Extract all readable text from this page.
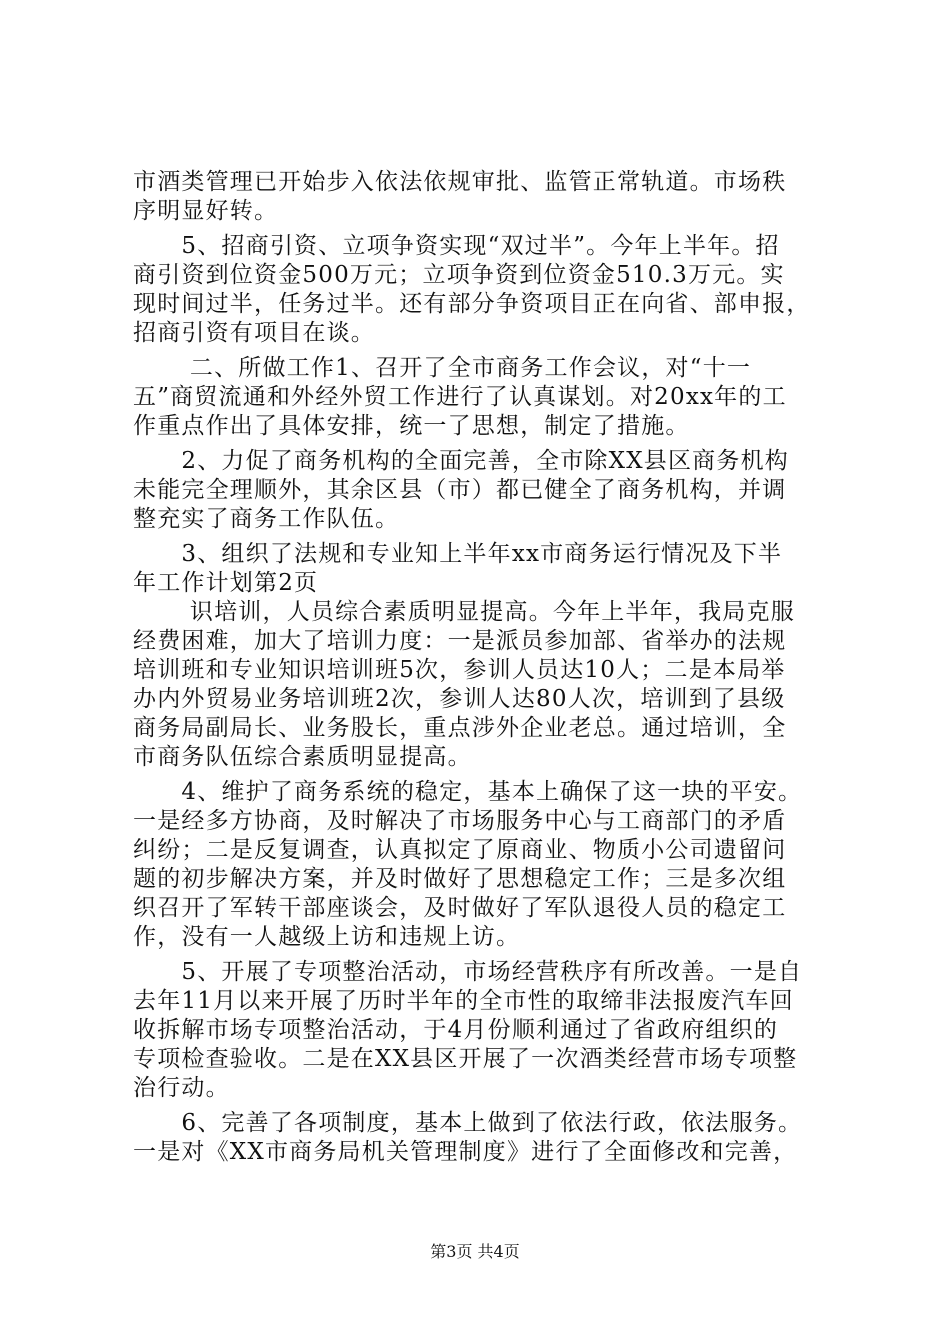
市酒类管理已开始步入依法依规审批、监管正常轨道。市场秩
序明显好转。
　　5、招商引资、立项争资实现“双过半”。今年上半年。招
商引资到位资金500万元；立项争资到位资金510.3万元。实
现时间过半，任务过半。还有部分争资项目正在向省、部申报，
招商引资有项目在谈。
　　 二、所做工作1、召开了全市商务工作会议，对“十一
五”商贸流通和外经外贸工作进行了认真谋划。对20xx年的工
作重点作出了具体安排，统一了思想，制定了措施。
　　2、力促了商务机构的全面完善，全市除XX县区商务机构
未能完全理顺外，其余区县（市）都已健全了商务机构，并调
整充实了商务工作队伍。
　　3、组织了法规和专业知上半年xx市商务运行情况及下半
年工作计划第2页
　　 识培训，人员综合素质明显提高。今年上半年，我局克服
经费困难，加大了培训力度：一是派员参加部、省举办的法规
培训班和专业知识培训班5次，参训人员达10人；二是本局举
办内外贸易业务培训班2次，参训人达80人次，培训到了县级
商务局副局长、业务股长，重点涉外企业老总。通过培训，全
市商务队伍综合素质明显提高。
　　4、维护了商务系统的稳定，基本上确保了这一块的平安。
一是经多方协商，及时解决了市场服务中心与工商部门的矛盾
纠纷；二是反复调查，认真拟定了原商业、物质小公司遗留问
题的初步解决方案，并及时做好了思想稳定工作；三是多次组
织召开了军转干部座谈会，及时做好了军队退役人员的稳定工
作，没有一人越级上访和违规上访。
　　5、开展了专项整治活动，市场经营秩序有所改善。一是自
去年11月以来开展了历时半年的全市性的取缔非法报废汽车回
收拆解市场专项整治活动，于4月份顺利通过了省政府组织的
专项检查验收。二是在XX县区开展了一次酒类经营市场专项整
治行动。
　　6、完善了各项制度，基本上做到了依法行政，依法服务。
一是对《XX市商务局机关管理制度》进行了全面修改和完善，
第3页 共4页
